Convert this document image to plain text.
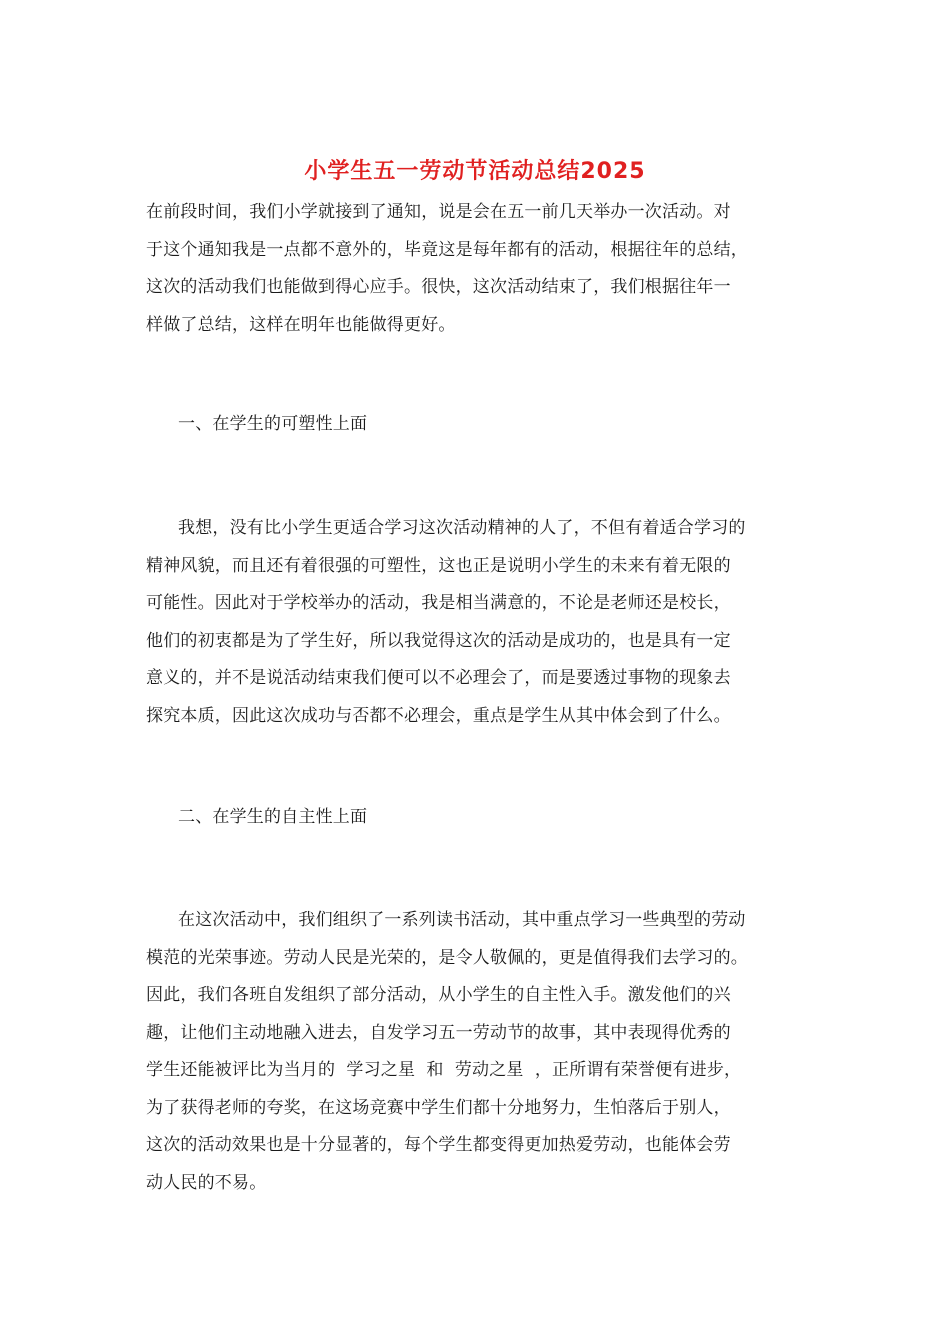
小学生五一劳动节活动总结2025
在前段时间，我们小学就接到了通知，说是会在五一前几天举办一次活动。对
于这个通知我是一点都不意外的，毕竟这是每年都有的活动，根据往年的总结，
这次的活动我们也能做到得心应手。很快，这次活动结束了，我们根据往年一
样做了总结，这样在明年也能做得更好。
一、在学生的可塑性上面
我想，没有比小学生更适合学习这次活动精神的人了，不但有着适合学习的
精神风貌，而且还有着很强的可塑性，这也正是说明小学生的未来有着无限的
可能性。因此对于学校举办的活动，我是相当满意的，不论是老师还是校长，
他们的初衷都是为了学生好，所以我觉得这次的活动是成功的，也是具有一定
意义的，并不是说活动结束我们便可以不必理会了，而是要透过事物的现象去
探究本质，因此这次成功与否都不必理会，重点是学生从其中体会到了什么。
二、在学生的自主性上面
在这次活动中，我们组织了一系列读书活动，其中重点学习一些典型的劳动
模范的光荣事迹。劳动人民是光荣的，是令人敬佩的，更是值得我们去学习的。
因此，我们各班自发组织了部分活动，从小学生的自主性入手。激发他们的兴
趣，让他们主动地融入进去，自发学习五一劳动节的故事，其中表现得优秀的
学生还能被评比为当月的  学习之星  和  劳动之星  ，正所谓有荣誉便有进步，
为了获得老师的夸奖，在这场竞赛中学生们都十分地努力，生怕落后于别人，
这次的活动效果也是十分显著的，每个学生都变得更加热爱劳动，也能体会劳
动人民的不易。
